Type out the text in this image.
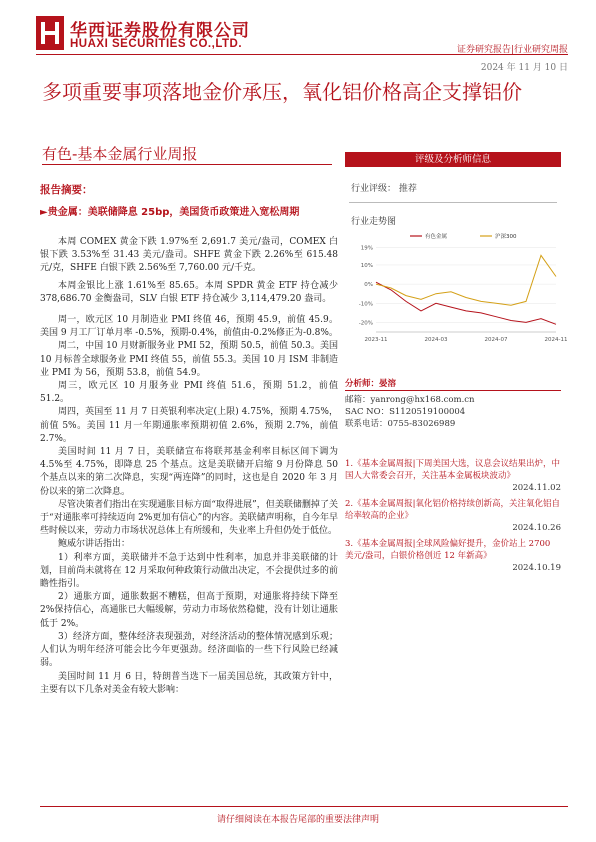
华西证券股份有限公司
HUAXI SECURITIES CO.,LTD.	证券研究报告|行业研究周报
2024 年 11 月 10 日
多项重要事项落地金价承压，氧化铝价格高企支撑铝价
有色-基本金属行业周报	评级及分析师信息
行业评级： 推荐
行业走势图
19%
10%
0%
-10%
-20%
2023-11	2024-03	2024-07	2024-11
有色金属	沪深300
报告摘要：
►贵金属：美联储降息 25bp，美国货币政策进入宽松周期

本周 COMEX 黄金下跌 1.97%至 2,691.7 美元/盎司，COMEX 白银下跌 3.53%至 31.43 美元/盎司。SHFE 黄金下跌 2.26%至 615.48 元/克，SHFE 白银下跌 2.56%至 7,760.00 元/千克。

本周金银比上涨 1.61%至 85.65。本周 SPDR 黄金 ETF 持仓减少 378,686.70 金衡盎司，SLV 白银 ETF 持仓减少 3,114,479.20 盎司。

周一，欧元区 10 月制造业 PMI 终值 46，预期 45.9，前值 45.9。美国 9 月工厂订单月率 -0.5%，预期-0.4%，前值由-0.2%修正为-0.8%。

周二，中国 10 月财新服务业 PMI 52，预期 50.5，前值 50.3。美国 10 月标普全球服务业 PMI 终值 55，前值 55.3。美国 10 月 ISM 非制造业 PMI 为 56，预期 53.8，前值 54.9。

周三，欧元区 10 月服务业 PMI 终值 51.6，预期 51.2，前值 51.2。

周四，英国至 11 月 7 日英银利率决定(上限) 4.75%，预期 4.75%，前值 5%。美国 11 月一年期通胀率预期初值 2.6%，预期 2.7%，前值 2.7%。

美国时间 11 月 7 日，美联储宣布将联邦基金利率目标区间下调为 4.5%至 4.75%，即降息 25 个基点。这是美联储开启缩 9 月份降息 50 个基点以来的第二次降息，实现“两连降”的同时，这也是自 2020 年 3 月份以来的第二次降息。

尽管决策者们指出在实现通胀目标方面“取得进展”，但美联储删掉了关于“对通胀率可持续迈向 2%更加有信心”的内容。美联储声明称，自今年早些时候以来，劳动力市场状况总体上有所缓和，失业率上升但仍处于低位。

鲍威尔讲话指出：

1）利率方面，美联储并不急于达到中性利率，加息并非美联储的计划，目前尚未就将在 12 月采取何种政策行动做出决定，不会提供过多的前瞻性指引。

2）通胀方面，通胀数据不糟糕，但高于预期，对通胀将持续下降至 2%保持信心，高通胀已大幅缓解，劳动力市场依然稳健，没有计划让通胀低于 2%。

3）经济方面，整体经济表现强劲，对经济活动的整体情况感到乐观；人们认为明年经济可能会比今年更强劲。经济面临的一些下行风险已经减弱。

美国时间 11 月 6 日，特朗普当选下一届美国总统，其政策方针中，主要有以下几条对美金有较大影响：

分析师：晏溶
邮箱：yanrong@hx168.com.cn
SAC NO：S1120519100004
联系电话：0755-83026989
1.《基本金属周报|下周美国大选，议息会议结果出炉，中国人大常委会召开，关注基本金属板块波动》
2024.11.02
2.《基本金属周报|氧化铝价格持续创新高，关注氧化铝自给率较高的企业》
2024.10.26
3.《基本金属周报|全球风险偏好提升，金价站上 2700 美元/盎司，白银价格创近 12 年新高》
2024.10.19
请仔细阅读在本报告尾部的重要法律声明
